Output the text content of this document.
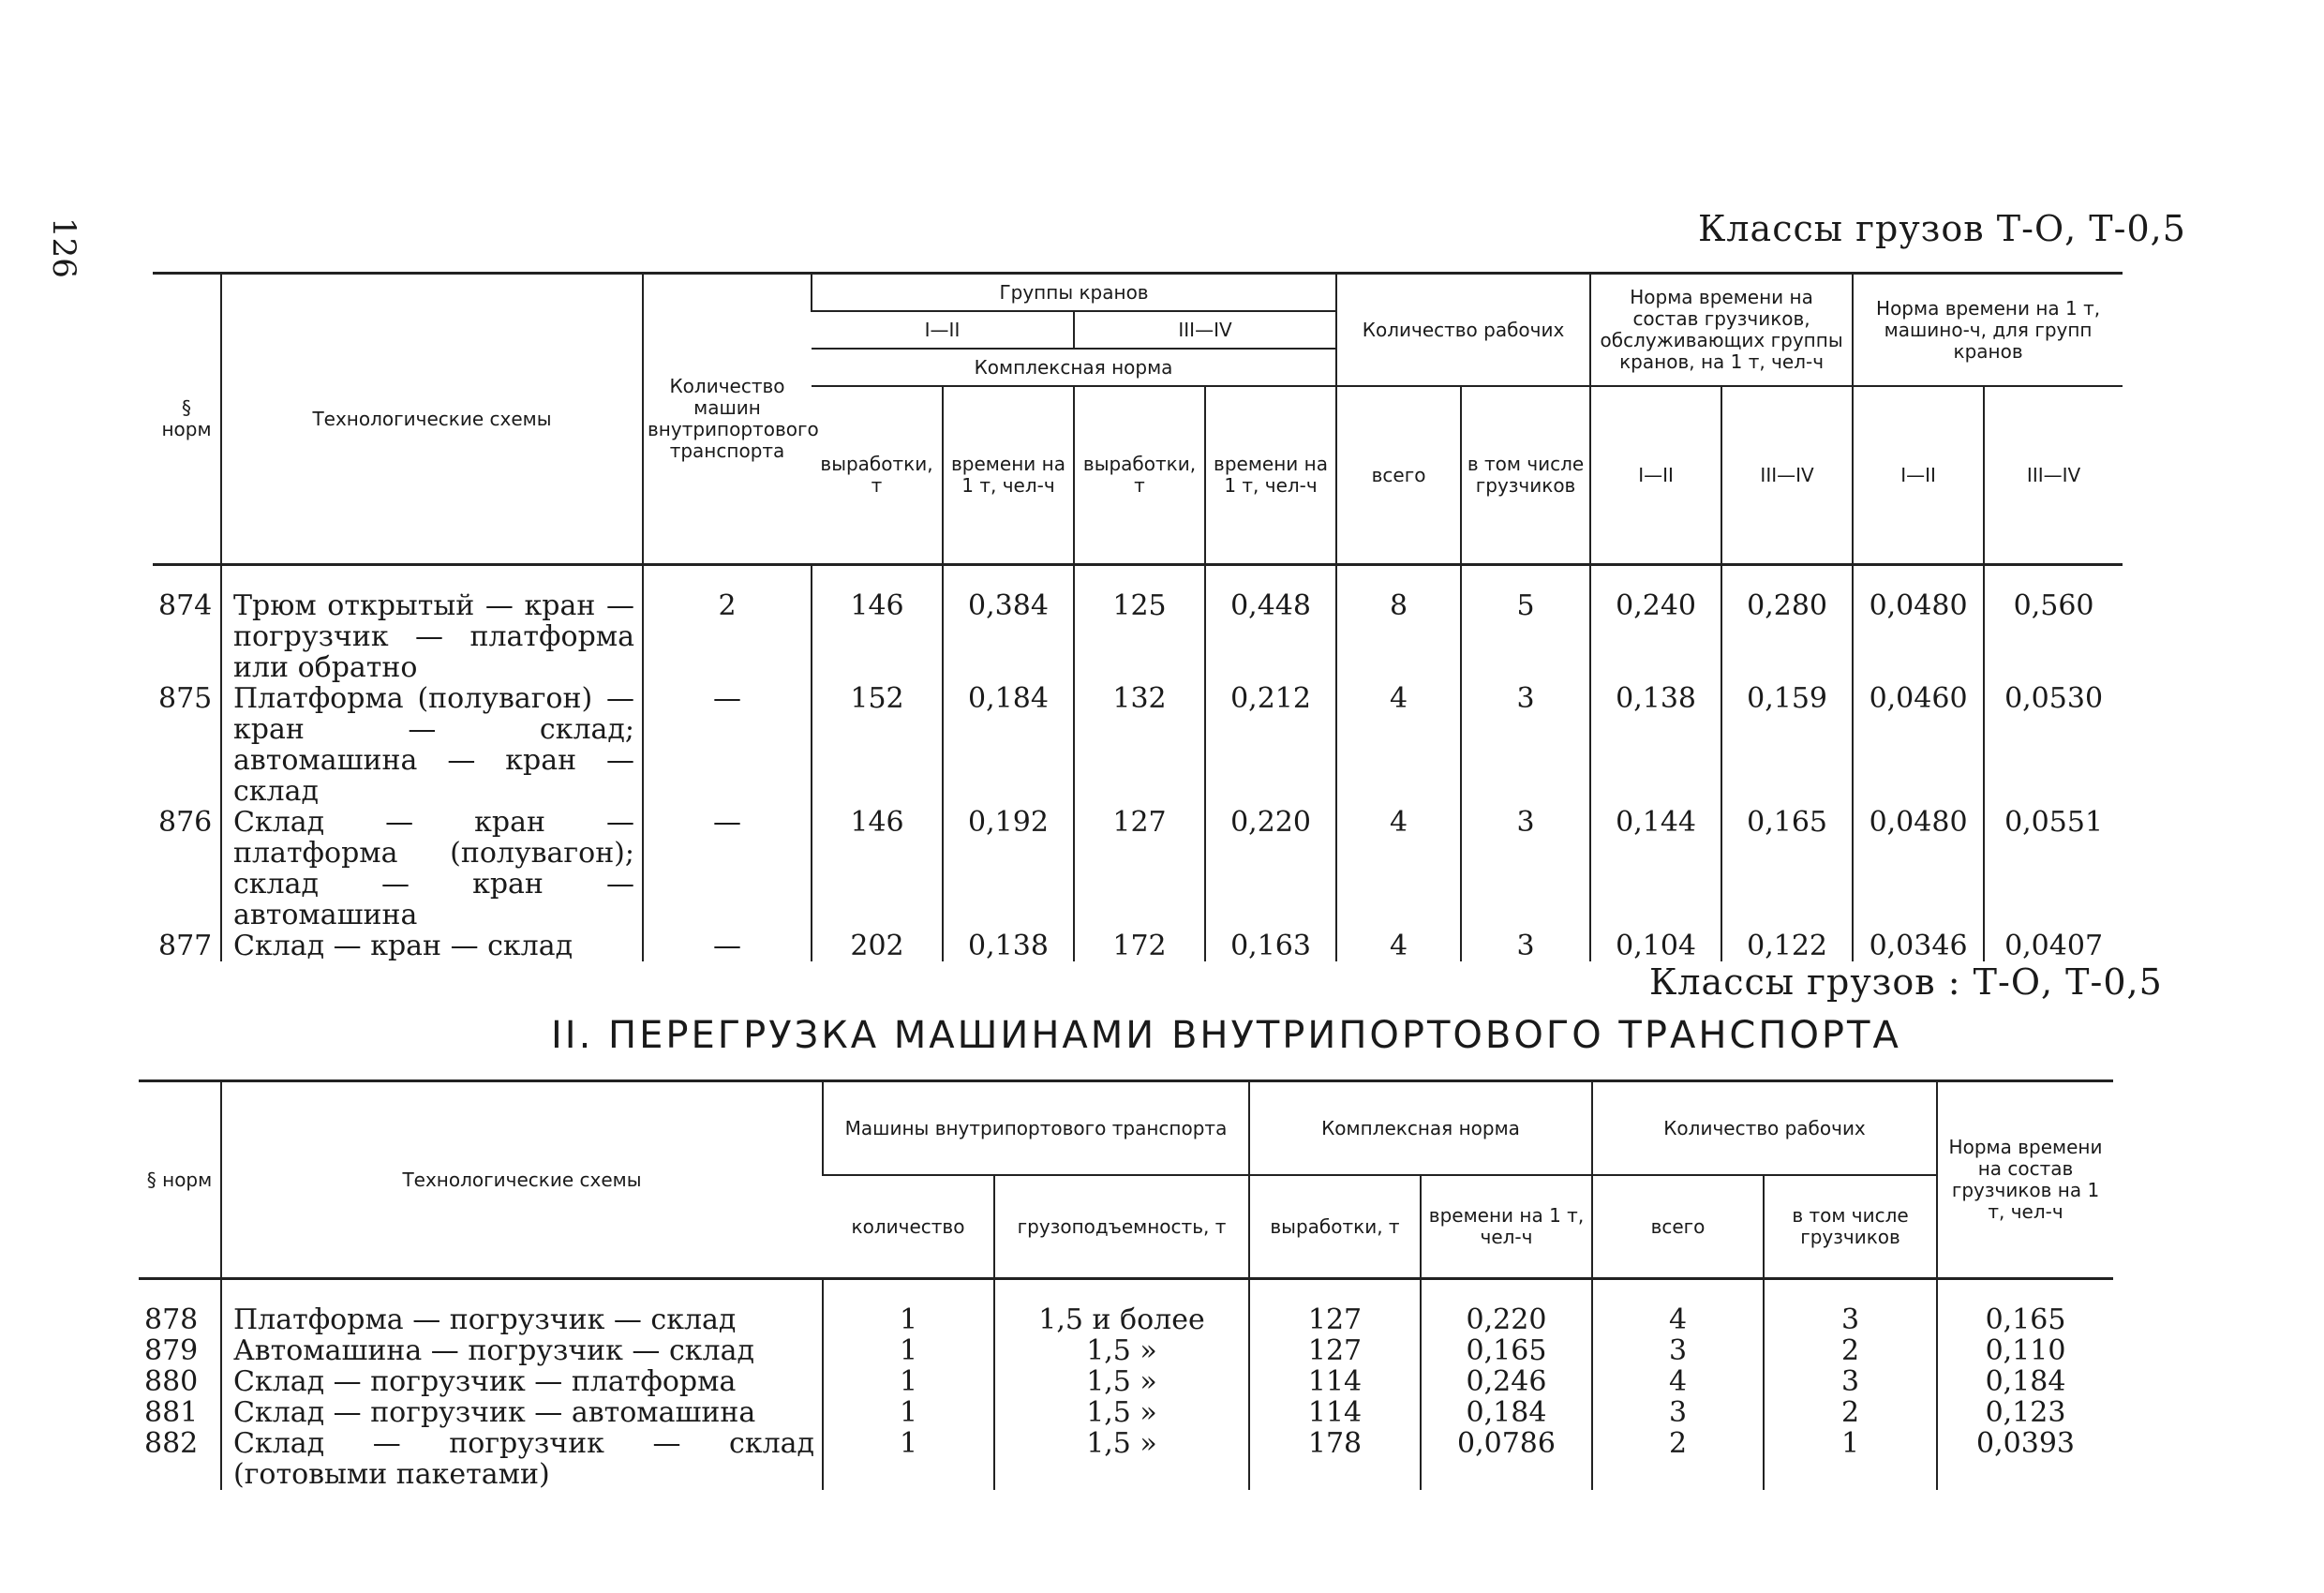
126	Классы грузов Т-О, Т-0,5
§ норм	Технологические схемы	Количество машин внутрипортового транспорта	Группы кранов				Количество рабочих		Норма времени на состав грузчиков, обслуживающих группы кранов, на 1 т, чел-ч		Норма времени на 1 т, машино-ч, для групп кранов	
			I—II		III—IV							
			Комплексная норма									
			выработки, т	времени на 1 т, чел-ч	выработки, т	времени на 1 т, чел-ч	всего	в том числе грузчиков	I—II	III—IV	I—II	III—IV
874	Трюм открытый — кран — погрузчик — платформа или обратно	2	146	0,384	125	0,448	8	5	0,240	0,280	0,0480	0,560
875	Платформа (полувагон) — кран — склад; автомашина — кран — склад	—	152	0,184	132	0,212	4	3	0,138	0,159	0,0460	0,0530
876	Склад — кран — платформа (полувагон); склад — кран — автомашина	—	146	0,192	127	0,220	4	3	0,144	0,165	0,0480	0,0551
877	Склад — кран — склад	—	202	0,138	172	0,163	4	3	0,104	0,122	0,0346	0,0407
Классы грузов : Т-О, Т-0,5
II. ПЕРЕГРУЗКА МАШИНАМИ ВНУТРИПОРТОВОГО ТРАНСПОРТА
§ норм	Технологические схемы	Машины внутрипортового транспорта		Комплексная норма		Количество рабочих		Норма времени на состав грузчиков на 1 т, чел-ч
		количество	грузоподъемность, т	выработки, т	времени на 1 т, чел-ч	всего	в том числе грузчиков	
878	Платформа — погрузчик — склад	1	1,5 и более	127	0,220	4	3	0,165
879	Автомашина — погрузчик — склад	1	1,5 »	127	0,165	3	2	0,110
880	Склад — погрузчик — платформа	1	1,5 »	114	0,246	4	3	0,184
881	Склад — погрузчик — автомашина	1	1,5 »	114	0,184	3	2	0,123
882	Склад — погрузчик — склад (готовыми пакетами)	1	1,5 »	178	0,0786	2	1	0,0393
